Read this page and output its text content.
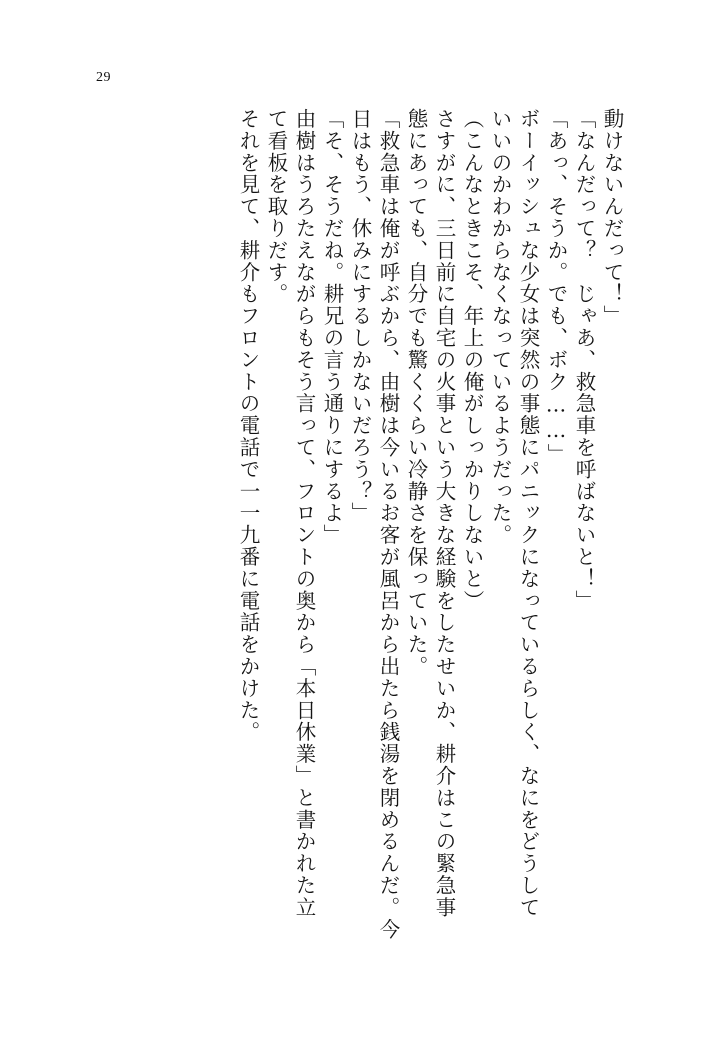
29
動けないんだって！」
「なんだって？　じゃあ、救急車を呼ばないと！」
「あっ、そうか。でも、ボク……」
ボーイッシュな少女は突然の事態にパニックになっているらしく、なにをどうして
いいのかわからなくなっているようだった。
（こんなときこそ、年上の俺がしっかりしないと）
さすがに、三日前に自宅の火事という大きな経験をしたせいか、耕介はこの緊急事
態にあっても、自分でも驚くくらい冷静さを保っていた。
「救急車は俺が呼ぶから、由樹は今いるお客が風呂から出たら銭湯を閉めるんだ。今
日はもう、休みにするしかないだろう？」
「そ、そうだね。耕兄の言う通りにするよ」
由樹はうろたえながらもそう言って、フロントの奥から「本日休業」と書かれた立
て看板を取りだす。
それを見て、耕介もフロントの電話で一一九番に電話をかけた。
